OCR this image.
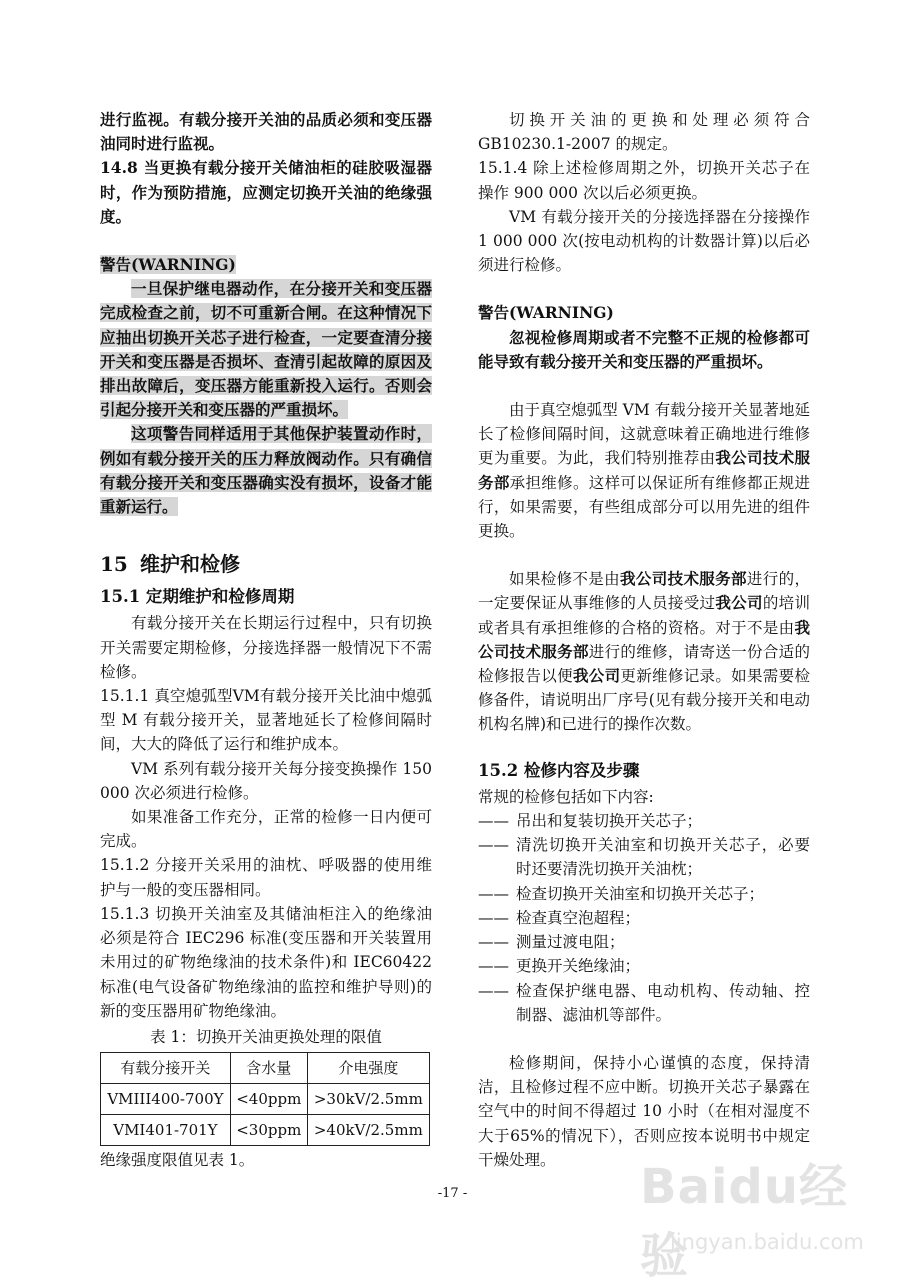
进行监视。有载分接开关油的品质必须和变压器油同时进行监视。

14.8 当更换有载分接开关储油柜的硅胶吸湿器时，作为预防措施，应测定切换开关油的绝缘强度。

警告(WARNING)

一旦保护继电器动作，在分接开关和变压器完成检查之前，切不可重新合闸。在这种情况下应抽出切换开关芯子进行检查，一定要查清分接开关和变压器是否损坏、查清引起故障的原因及排出故障后，变压器方能重新投入运行。否则会引起分接开关和变压器的严重损坏。

这项警告同样适用于其他保护装置动作时，例如有载分接开关的压力释放阀动作。只有确信有载分接开关和变压器确实没有损坏，设备才能重新运行。

15 维护和检修
15.1 定期维护和检修周期

有载分接开关在长期运行过程中，只有切换开关需要定期检修，分接选择器一般情况下不需检修。

15.1.1 真空熄弧型VM有载分接开关比油中熄弧型 M 有载分接开关，显著地延长了检修间隔时间，大大的降低了运行和维护成本。

VM 系列有载分接开关每分接变换操作 150 000 次必须进行检修。

如果准备工作充分，正常的检修一日内便可完成。

15.1.2 分接开关采用的油枕、呼吸器的使用维护与一般的变压器相同。

15.1.3 切换开关油室及其储油柜注入的绝缘油必须是符合 IEC296 标准(变压器和开关装置用未用过的矿物绝缘油的技术条件)和 IEC60422 标准(电气设备矿物绝缘油的监控和维护导则)的新的变压器用矿物绝缘油。

表 1：切换开关油更换处理的限值
有载分接开关	含水量	介电强度
VMIII400-700Y	<40ppm	>30kV/2.5mm
VMI401-701Y	<30ppm	>40kV/2.5mm

绝缘强度限值见表 1。

切换开关油的更换和处理必须符合GB10230.1-2007 的规定。

15.1.4 除上述检修周期之外，切换开关芯子在操作 900 000 次以后必须更换。

VM 有载分接开关的分接选择器在分接操作 1 000 000 次(按电动机构的计数器计算)以后必须进行检修。

警告(WARNING)

忽视检修周期或者不完整不正规的检修都可能导致有载分接开关和变压器的严重损坏。

由于真空熄弧型 VM 有载分接开关显著地延长了检修间隔时间，这就意味着正确地进行维修更为重要。为此，我们特别推荐由我公司技术服务部承担维修。这样可以保证所有维修都正规进行，如果需要，有些组成部分可以用先进的组件更换。

如果检修不是由我公司技术服务部进行的，一定要保证从事维修的人员接受过我公司的培训或者具有承担维修的合格的资格。对于不是由我公司技术服务部进行的维修，请寄送一份合适的检修报告以便我公司更新维修记录。如果需要检修备件，请说明出厂序号(见有载分接开关和电动机构名牌)和已进行的操作次数。

15.2 检修内容及步骤

常规的检修包括如下内容:

—— 吊出和复装切换开关芯子；
—— 清洗切换开关油室和切换开关芯子，必要时还要清洗切换开关油枕；
—— 检查切换开关油室和切换开关芯子；
—— 检查真空泡超程；
—— 测量过渡电阻；
—— 更换开关绝缘油；
—— 检查保护继电器、电动机构、传动轴、控制器、滤油机等部件。

检修期间，保持小心谨慎的态度，保持清洁，且检修过程不应中断。切换开关芯子暴露在空气中的时间不得超过 10 小时（在相对湿度不大于65%的情况下），否则应按本说明书中规定干燥处理。

-17 -	Baidu经验
jingyan.baidu.com
